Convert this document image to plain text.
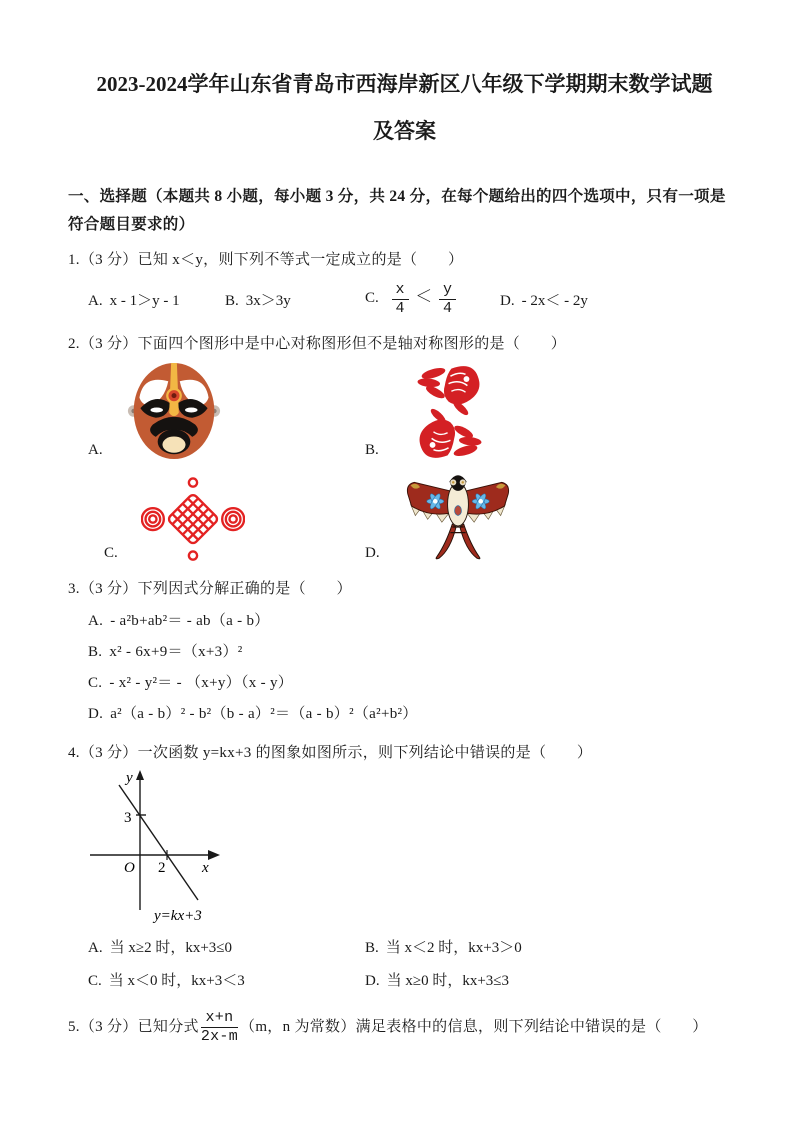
2023-2024学年山东省青岛市西海岸新区八年级下学期期末数学试题
及答案

一、选择题（本题共 8 小题，每小题 3 分，共 24 分，在每个题给出的四个选项中，只有一项是符合题目要求的）

1.（3 分）已知 x＜y，则下列不等式一定成立的是（　　）

A. x - 1＞y - 1	B. 3x＞3y	C. $\frac{x}{4} < \frac{y}{4}$	D. - 2x＜ - 2y

2.（3 分）下面四个图形中是中心对称图形但不是轴对称图形的是（　　）

A.	B.
C.	D.

3.（3 分）下列因式分解正确的是（　　）

A. - a²b+ab²＝ - ab（a - b）

B. x² - 6x+9＝（x+3）²

C. - x² - y²＝ - （x+y）（x - y）

D. a²（a - b）² - b²（b - a）²＝（a - b）²（a²+b²）

4.（3 分）一次函数 y=kx+3 的图象如图所示，则下列结论中错误的是（　　）

y
x
O
3
2
y=kx+3
A. 当 x≥2 时，kx+3≤0	B. 当 x＜2 时，kx+3＞0
C. 当 x＜0 时，kx+3＜3	D. 当 x≥0 时，kx+3≤3
5.（3 分）已知分式 $\frac{x+n}{2x-m} (m$，n 为常数）满足表格中的信息，则下列结论中错误的是（　　）
